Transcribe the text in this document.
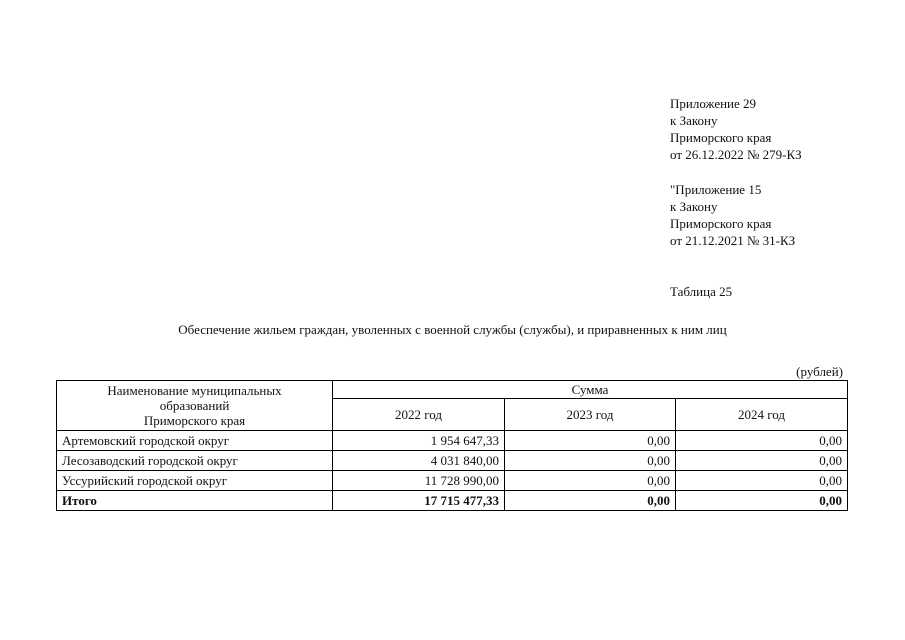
Приложение 29
к Закону
Приморского края
от 26.12.2022 № 279-КЗ
"Приложение 15
к Закону
Приморского края
от 21.12.2021 № 31-КЗ
Таблица 25
Обеспечение жильем граждан, уволенных с военной службы (службы), и приравненных к ним лиц
(рублей)
Наименование муниципальных
образований
Приморского края	Сумма		
	2022 год	2023 год	2024 год
Артемовский городской округ	1 954 647,33	0,00	0,00
Лесозаводский городской округ	4 031 840,00	0,00	0,00
Уссурийский городской округ	11 728 990,00	0,00	0,00
Итого	17 715 477,33	0,00	0,00
